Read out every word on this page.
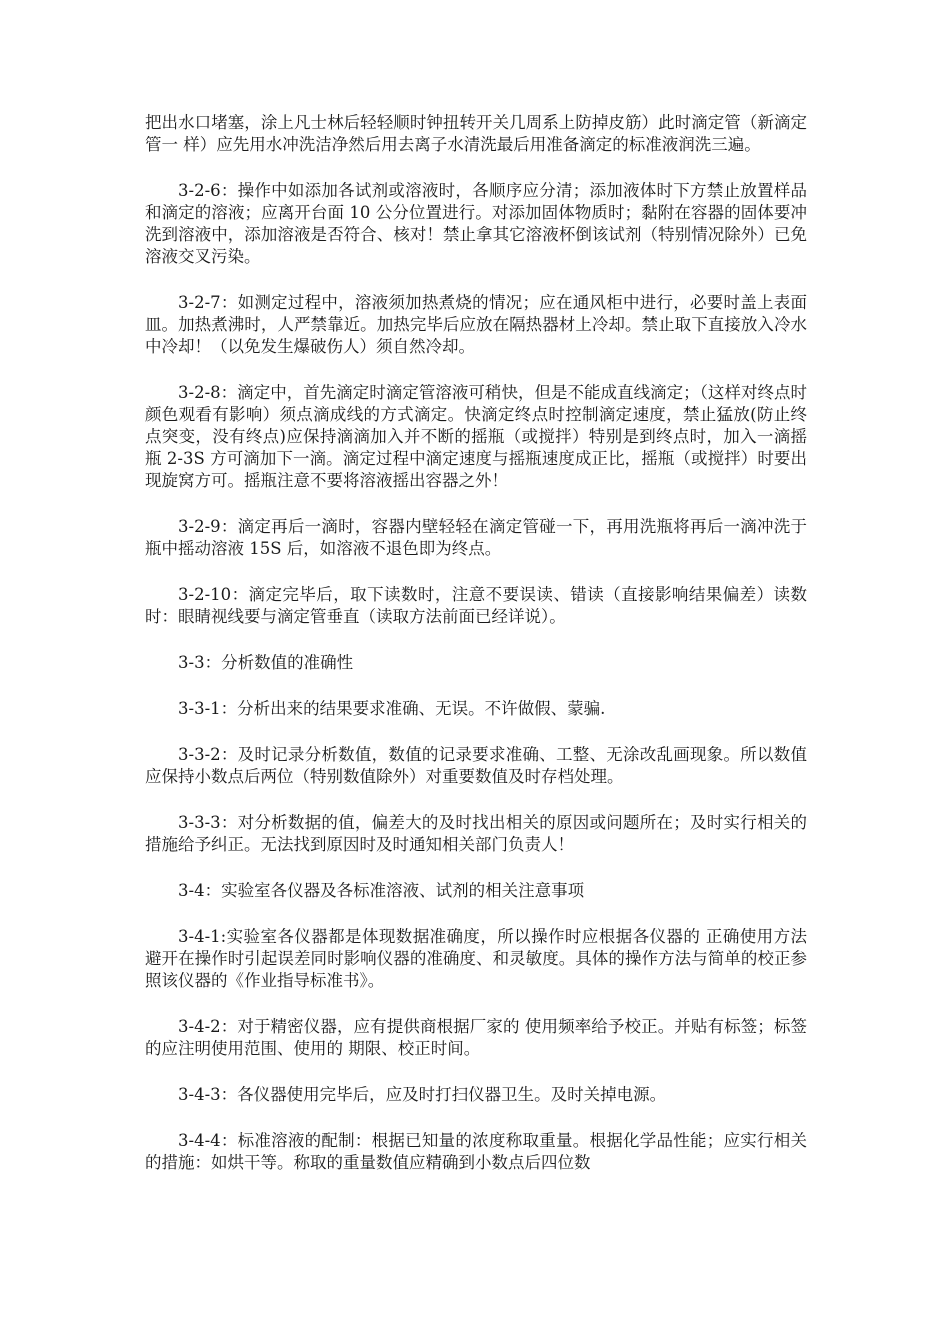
把出水口堵塞，涂上凡士林后轻轻顺时钟扭转开关几周系上防掉皮筋）此时滴定管（新滴定管一 样）应先用水冲洗洁净然后用去离子水清洗最后用准备滴定的标准液润洗三遍。

3-2-6：操作中如添加各试剂或溶液时，各顺序应分清；添加液体时下方禁止放置样品和滴定的溶液；应离开台面 10 公分位置进行。对添加固体物质时；黏附在容器的固体要冲洗到溶液中，添加溶液是否符合、核对！禁止拿其它溶液杯倒该试剂（特别情况除外）已免溶液交叉污染。

3-2-7：如测定过程中，溶液须加热煮烧的情况；应在通风柜中进行，必要时盖上表面皿。加热煮沸时，人严禁靠近。加热完毕后应放在隔热器材上冷却。禁止取下直接放入冷水中冷却！（以免发生爆破伤人）须自然冷却。

3-2-8：滴定中，首先滴定时滴定管溶液可稍快，但是不能成直线滴定；（这样对终点时颜色观看有影响）须点滴成线的方式滴定。快滴定终点时控制滴定速度，禁止猛放(防止终点突变，没有终点)应保持滴滴加入并不断的摇瓶（或搅拌）特别是到终点时，加入一滴摇瓶 2-3S 方可滴加下一滴。滴定过程中滴定速度与摇瓶速度成正比，摇瓶（或搅拌）时要出现旋窝方可。摇瓶注意不要将溶液摇出容器之外！

3-2-9：滴定再后一滴时，容器内壁轻轻在滴定管碰一下，再用洗瓶将再后一滴冲洗于瓶中摇动溶液 15S 后，如溶液不退色即为终点。

3-2-10：滴定完毕后，取下读数时，注意不要误读、错读（直接影响结果偏差）读数时：眼睛视线要与滴定管垂直（读取方法前面已经详说）。

3-3：分析数值的准确性

3-3-1：分析出来的结果要求准确、无误。不许做假、蒙骗.

3-3-2：及时记录分析数值，数值的记录要求准确、工整、无涂改乱画现象。所以数值应保持小数点后两位（特别数值除外）对重要数值及时存档处理。

3-3-3：对分析数据的值，偏差大的及时找出相关的原因或问题所在；及时实行相关的措施给予纠正。无法找到原因时及时通知相关部门负责人！

3-4：实验室各仪器及各标准溶液、试剂的相关注意事项

3-4-1:实验室各仪器都是体现数据准确度，所以操作时应根据各仪器的 正确使用方法避开在操作时引起误差同时影响仪器的准确度、和灵敏度。具体的操作方法与简单的校正参照该仪器的《作业指导标准书》。

3-4-2：对于精密仪器，应有提供商根据厂家的 使用频率给予校正。并贴有标签；标签的应注明使用范围、使用的 期限、校正时间。

3-4-3：各仪器使用完毕后，应及时打扫仪器卫生。及时关掉电源。

3-4-4：标准溶液的配制：根据已知量的浓度称取重量。根据化学品性能；应实行相关的措施：如烘干等。称取的重量数值应精确到小数点后四位数
